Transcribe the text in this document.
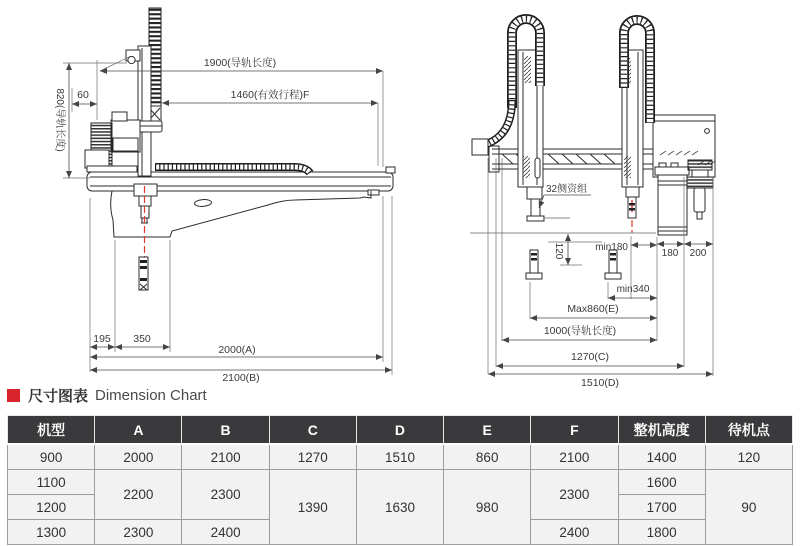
1900(导轨长度)
1460(有效行程)F
60
820(导轨长度)
195 350
2000(A)
2100(B)
32侧资组
120	min180
180 200
min340
Max860(E)
1000(导轨长度)
1270(C)
1510(D)
尺寸图表 Dimension Chart
机型	A	B	C	D	E	F	整机高度	待机点
900	2000	2100	1270	1510	860	2100	1400	120
1100	2200	2300	1390	1630	980	2300	1600	90
1200							1700	
1300	2300	2400				2400	1800	
